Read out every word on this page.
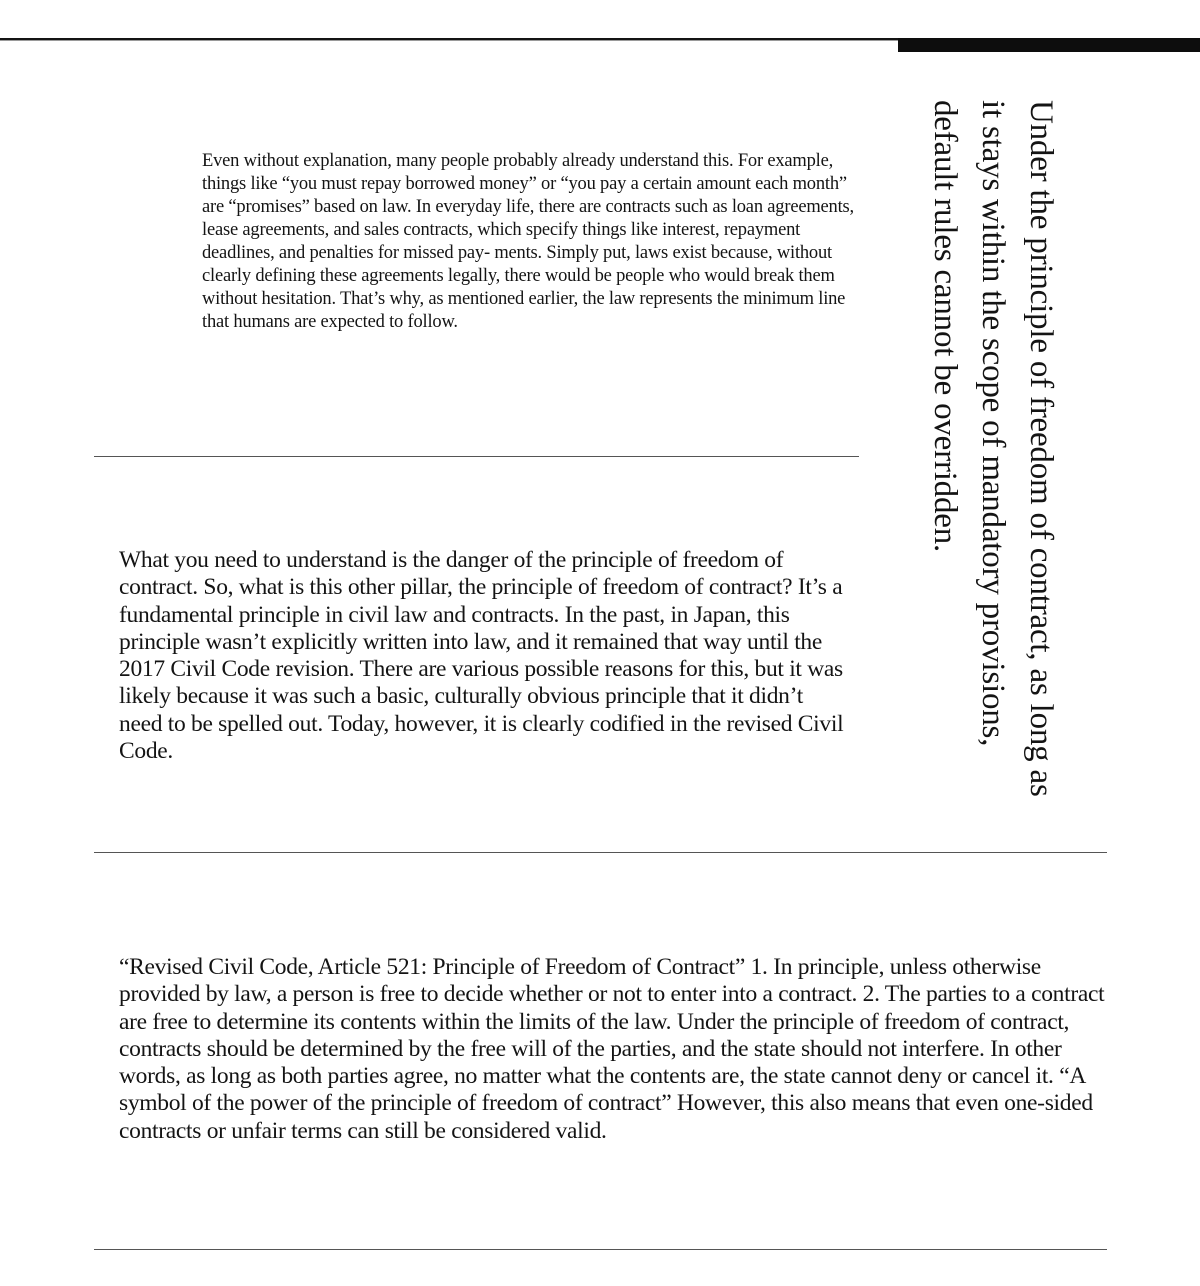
Even without explanation, many people probably already understand this. For example, things like “you must repay borrowed money” or “you pay a certain amount each month” are “promises” based on law. In everyday life, there are contracts such as loan agreements, lease agreements, and sales contracts, which specify things like interest, repayment deadlines, and penalties for missed pay- ments. Simply put, laws exist because, without clearly defining these agreements legally, there would be people who would break them without hesitation. That’s why, as mentioned earlier, the law represents the minimum line that humans are expected to follow.

What you need to understand is the danger of the principle of freedom of contract. So, what is this other pillar, the principle of freedom of contract? It’s a fundamental principle in civil law and contracts. In the past, in Japan, this principle wasn’t explicitly written into law, and it remained that way until the 2017 Civil Code revision. There are various possible reasons for this, but it was likely because it was such a basic, culturally obvious principle that it didn’t need to be spelled out. Today, however, it is clearly codified in the revised Civil Code.

“Revised Civil Code, Article 521: Principle of Freedom of Contract” 1. In principle, unless otherwise provided by law, a person is free to decide whether or not to enter into a contract. 2. The parties to a contract are free to determine its contents within the limits of the law. Under the principle of freedom of contract, contracts should be determined by the free will of the parties, and the state should not interfere. In other words, as long as both parties agree, no matter what the contents are, the state cannot deny or cancel it. “A symbol of the power of the principle of freedom of contract” However, this also means that even one-sided contracts or unfair terms can still be considered valid.

Under the principle of freedom of contract, as long as it stays within the scope of mandatory provisions, default rules cannot be overridden.
